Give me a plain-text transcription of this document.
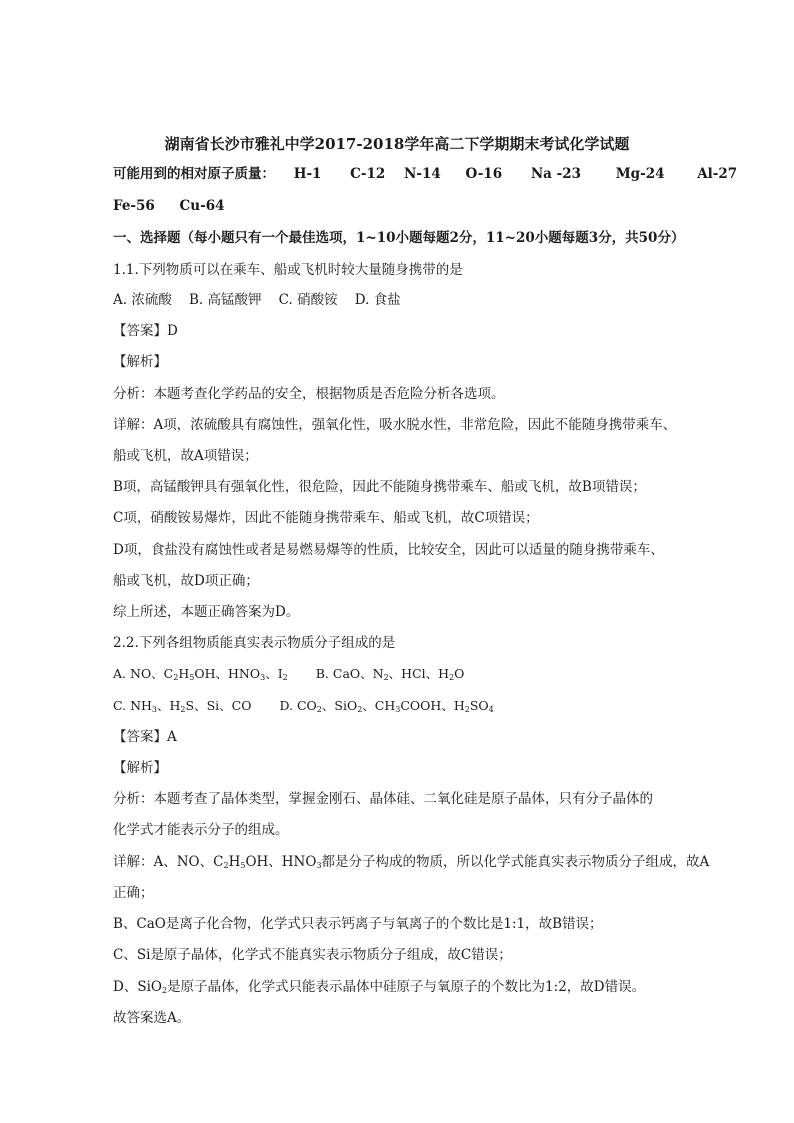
湖南省长沙市雅礼中学2017-2018学年高二下学期期末考试化学试题
可能用到的相对原子质量： H-1 C-12 N-14 O-16 Na -23	Mg-24 Al-27
Fe-56 Cu-64
一、选择题（每小题只有一个最佳选项，1~10小题每题2分，11~20小题每题3分，共50分）
1.1.下列物质可以在乘车、船或飞机时较大量随身携带的是
A. 浓硫酸    B. 高锰酸钾    C. 硝酸铵    D. 食盐
【答案】D
【解析】
分析：本题考查化学药品的安全，根据物质是否危险分析各选项。
详解：A项，浓硫酸具有腐蚀性，强氧化性，吸水脱水性，非常危险，因此不能随身携带乘车、
船或飞机，故A项错误；
B项，高锰酸钾具有强氧化性，很危险，因此不能随身携带乘车、船或飞机，故B项错误；
C项，硝酸铵易爆炸，因此不能随身携带乘车、船或飞机，故C项错误；
D项，食盐没有腐蚀性或者是易燃易爆等的性质，比较安全，因此可以适量的随身携带乘车、
船或飞机，故D项正确；
综上所述，本题正确答案为D。
2.2.下列各组物质能真实表示物质分子组成的是
A. NO、$C_2H_5OH$、$HNO_3$、$I_2$ B. CaO、$N_2$、HCl、$H_2O$
C. $NH_3$、$H_2S$、Si、CO D. $CO_2$、SiO$_2$、$CH_3COOH$、$H_2SO_4$
【答案】A
【解析】
分析：本题考查了晶体类型，掌握金刚石、晶体硅、二氧化硅是原子晶体，只有分子晶体的
化学式才能表示分子的组成。
详解：A、NO、$C_2H_5OH$、$HNO_3$都是分子构成的物质，所以化学式能真实表示物质分子组成，故A
正确；
B、CaO是离子化合物，化学式只表示钙离子与氧离子的个数比是1:1，故B错误；
C、Si是原子晶体，化学式不能真实表示物质分子组成，故C错误；
D、SiO$_2$是原子晶体，化学式只能表示晶体中硅原子与氧原子的个数比为1:2，故D错误。
故答案选A。
